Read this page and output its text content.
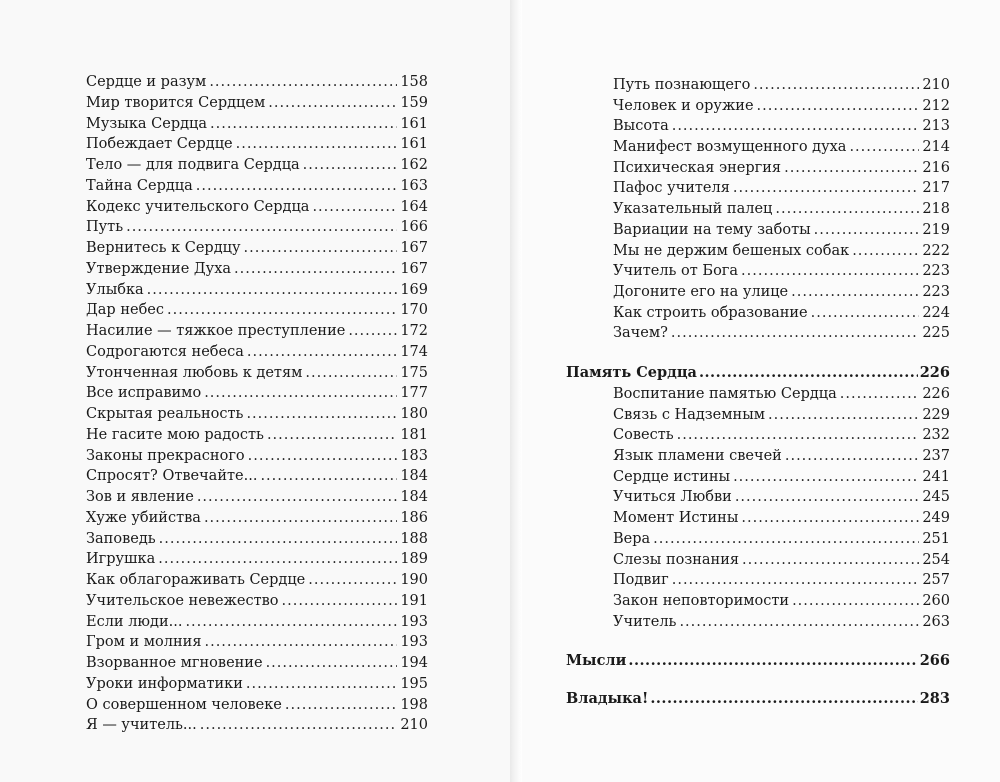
Сердце и разум .....	158
Мир творится Сердцем .....	159
Музыка Сердца .....	161
Побеждает Сердце .....	161
Тело — для подвига Сердца .....	162
Тайна Сердца .....	163
Кодекс учительского Сердца .....	164
Путь .....	166
Вернитесь к Сердцу .....	167
Утверждение Духа .....	167
Улыбка .....	169
Дар небес .....	170
Насилие — тяжкое преступление .....	172
Содрогаются небеса .....	174
Утонченная любовь к детям .....	175
Все исправимо .....	177
Скрытая реальность .....	180
Не гасите мою радость .....	181
Законы прекрасного .....	183
Спросят? Отвечайте... .....	184
Зов и явление .....	184
Хуже убийства .....	186
Заповедь .....	188
Игрушка .....	189
Как облагораживать Сердце .....	190
Учительское невежество .....	191
Если люди... .....	193
Гром и молния .....	193
Взорванное мгновение .....	194
Уроки информатики .....	195
О совершенном человеке .....	198
Я — учитель... .....	210
Путь познающего .....	210
Человек и оружие .....	212
Высота .....	213
Манифест возмущенного духа .....	214
Психическая энергия .....	216
Пафос учителя .....	217
Указательный палец .....	218
Вариации на тему заботы .....	219
Мы не держим бешеных собак .....	222
Учитель от Бога .....	223
Догоните его на улице .....	223
Как строить образование .....	224
Зачем? .....	225
Память Сердца .....	226
Воспитание памятью Сердца .....	226
Связь с Надземным .....	229
Совесть .....	232
Язык пламени свечей .....	237
Сердце истины .....	241
Учиться Любви .....	245
Момент Истины .....	249
Вера .....	251
Слезы познания .....	254
Подвиг .....	257
Закон неповторимости .....	260
Учитель .....	263
Мысли .....	266
Владыка! .....	283
